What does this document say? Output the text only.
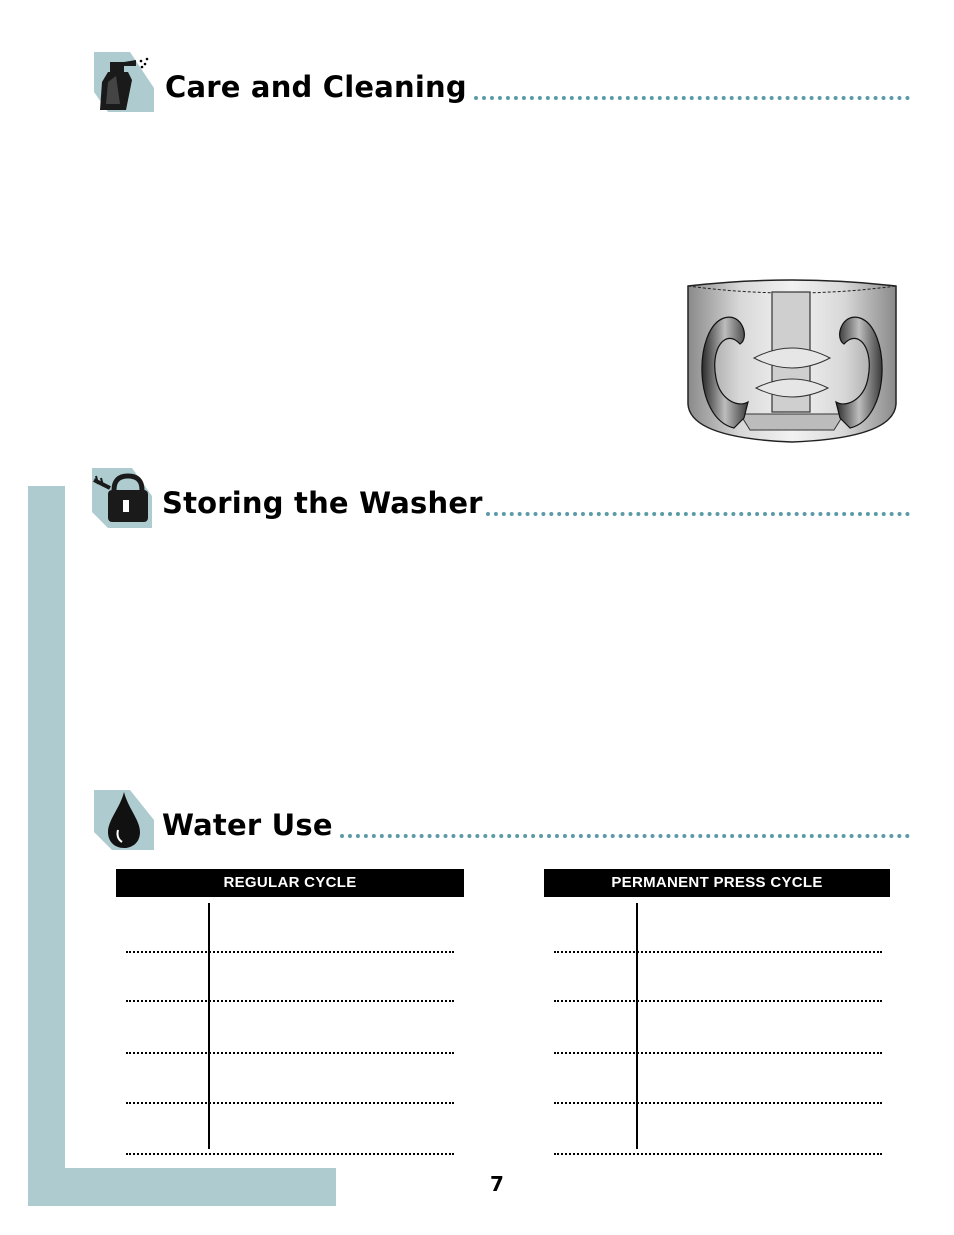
Care and Cleaning
Storing the Washer
Water Use
REGULAR CYCLE	PERMANENT PRESS CYCLE
7
